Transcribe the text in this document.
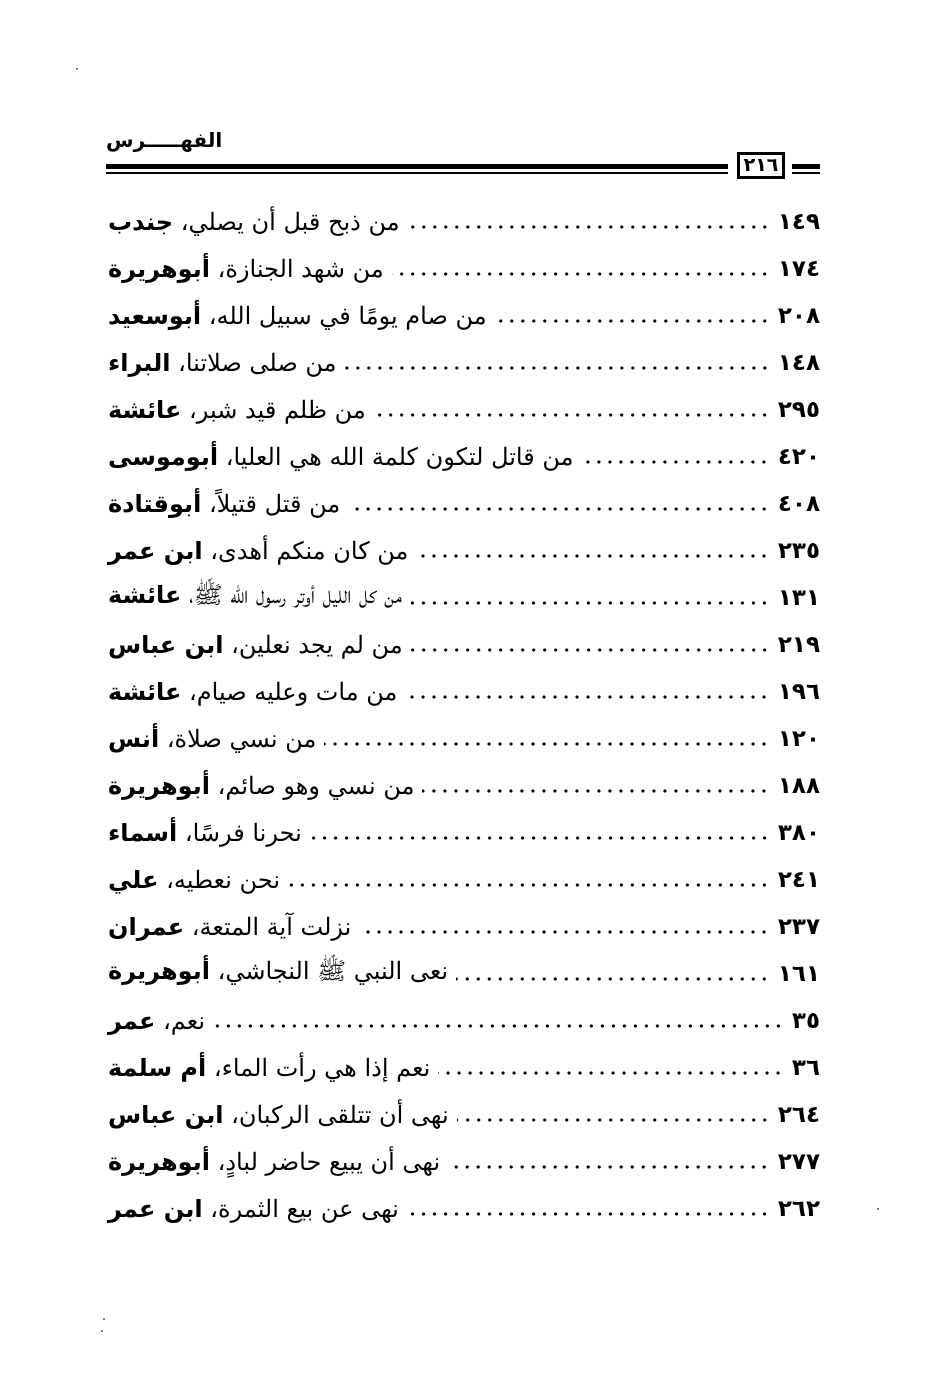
الفهـــــرس
٢١٦
من ذبح قبل أن يصلي، جندب	١٤٩
من شهد الجنازة، أبوهريرة	١٧٤
من صام يومًا في سبيل الله، أبوسعيد	٢٠٨
من صلى صلاتنا، البراء	١٤٨
من ظلم قيد شبر، عائشة	٢٩٥
من قاتل لتكون كلمة الله هي العليا، أبوموسى	٤٢٠
من قتل قتيلاً، أبوقتادة	٤٠٨
من كان منكم أهدى، ابن عمر	٢٣٥
من كل الليل أوتر رسول الله ﷺ، عائشة	١٣١
من لم يجد نعلين، ابن عباس	٢١٩
من مات وعليه صيام، عائشة	١٩٦
من نسي صلاة، أنس	١٢٠
من نسي وهو صائم، أبوهريرة	١٨٨
نحرنا فرسًا، أسماء	٣٨٠
نحن نعطيه، علي	٢٤١
نزلت آية المتعة، عمران	٢٣٧
نعى النبي ﷺ النجاشي، أبوهريرة	١٦١
نعم، عمر	٣٥
نعم إذا هي رأت الماء، أم سلمة	٣٦
نهى أن تتلقى الركبان، ابن عباس	٢٦٤
نهى أن يبيع حاضر لبادٍ، أبوهريرة	٢٧٧
نهى عن بيع الثمرة، ابن عمر	٢٦٢
